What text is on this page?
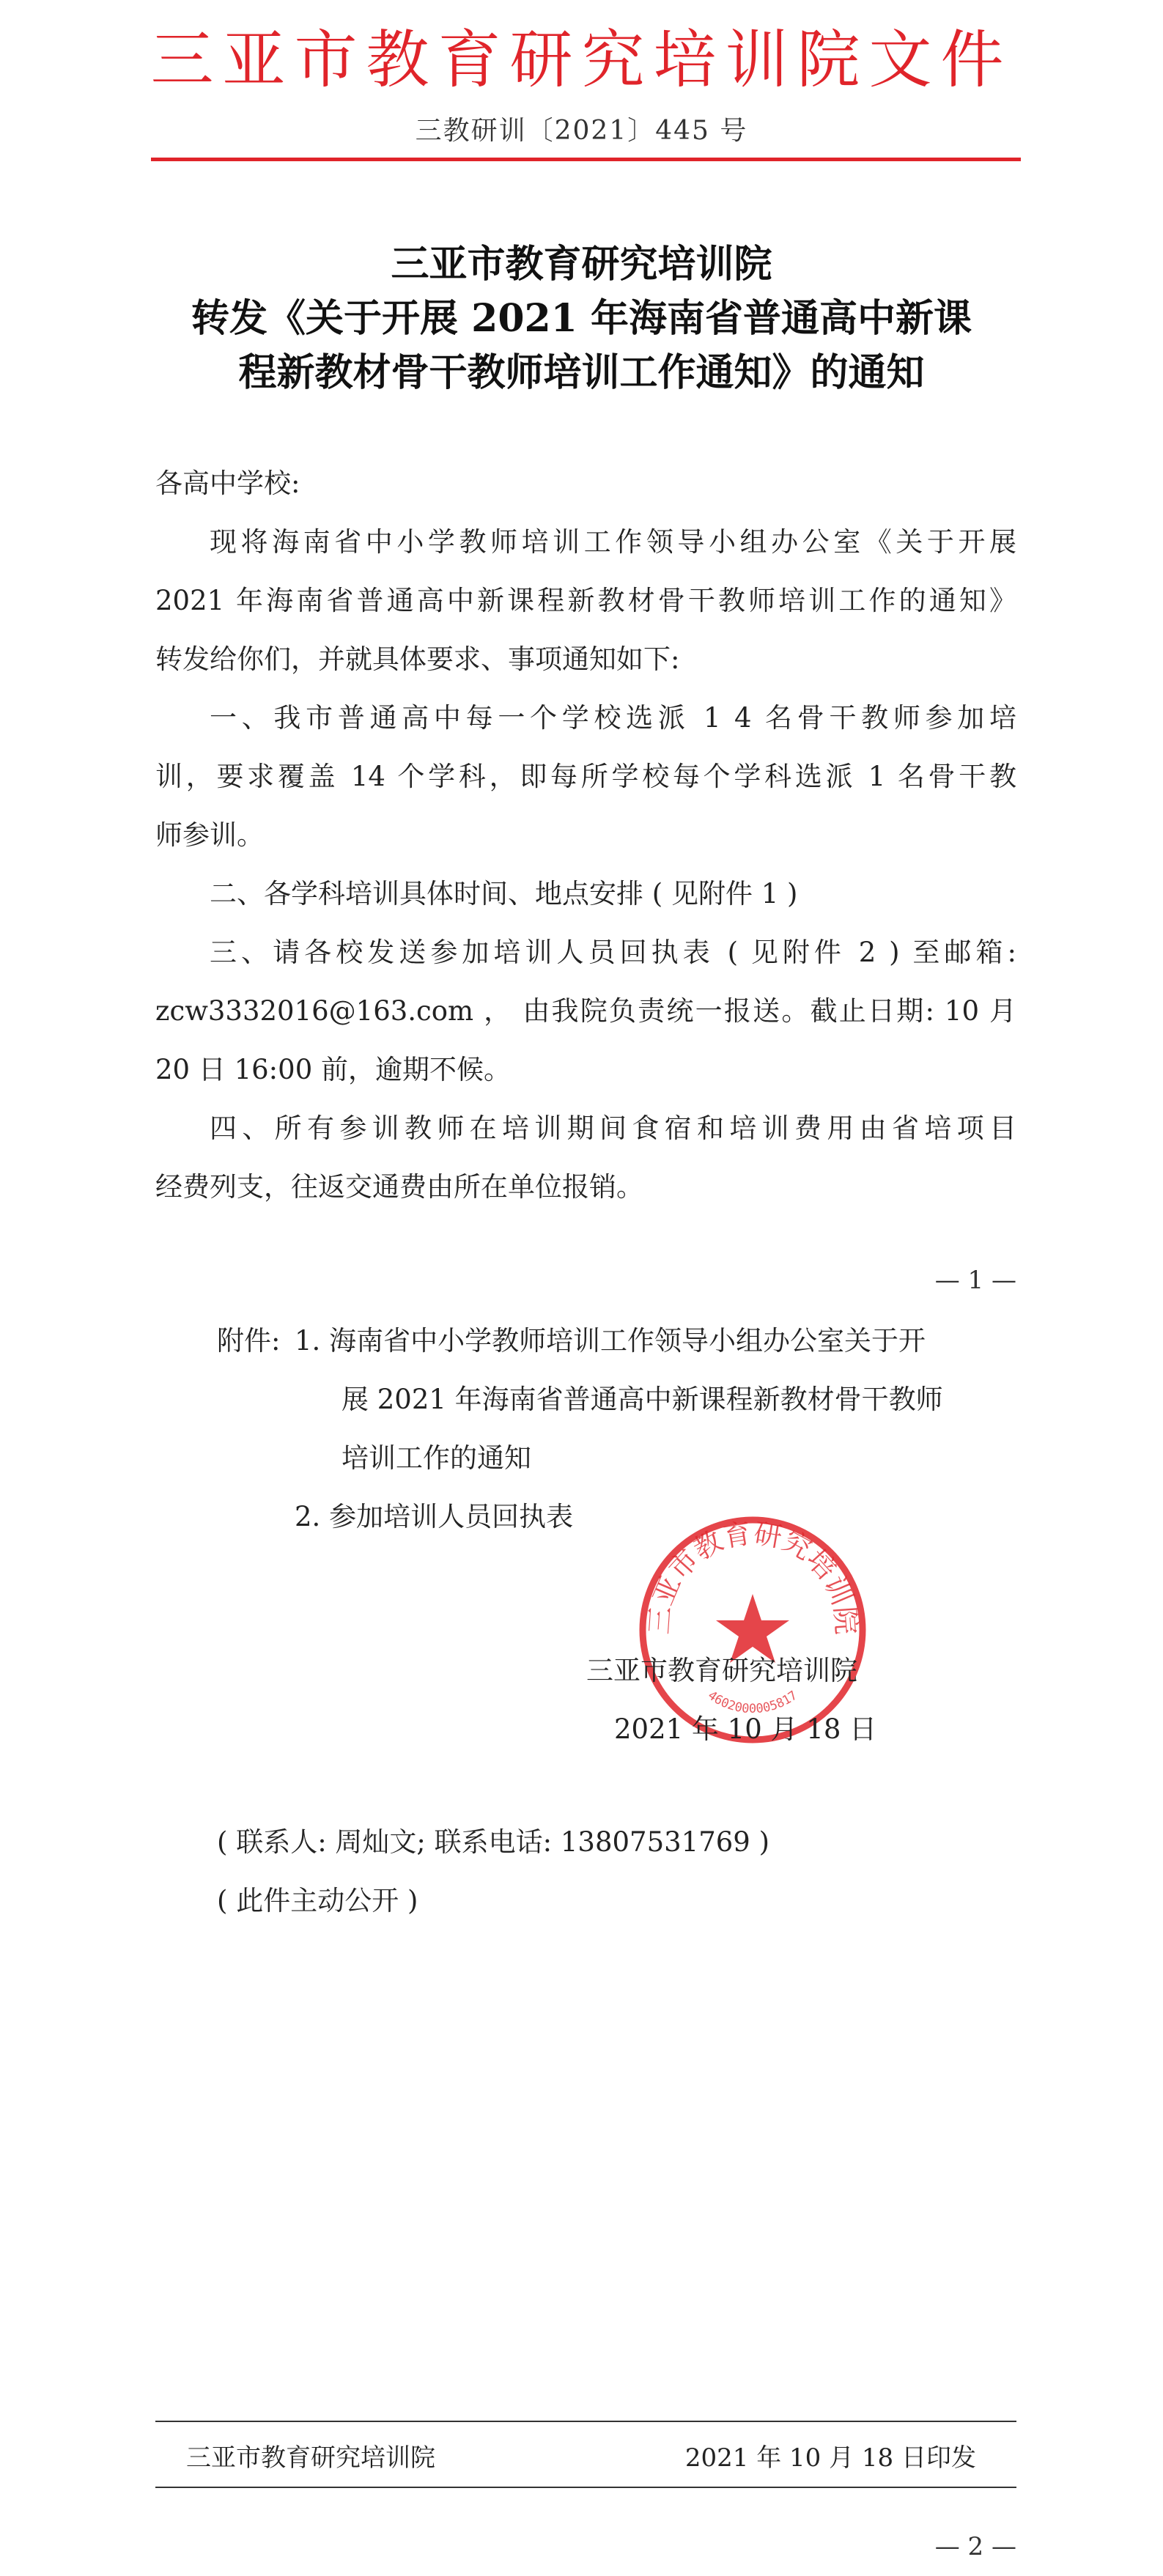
三亚市教育研究培训院文件
三教研训〔2021〕445 号
三亚市教育研究培训院
转发《关于开展 2021 年海南省普通高中新课
程新教材骨干教师培训工作通知》的通知
各高中学校:
现将海南省中小学教师培训工作领导小组办公室《关于开展
2021 年海南省普通高中新课程新教材骨干教师培训工作的通知》
转发给你们，并就具体要求、事项通知如下:
一、我市普通高中每一个学校选派 1 4 名骨干教师参加培
训，要求覆盖 14 个学科，即每所学校每个学科选派 1 名骨干教
师参训。
二、各学科培训具体时间、地点安排 ( 见附件 1 )
三、请各校发送参加培训人员回执表 ( 见附件 2 ) 至邮箱:
zcw3332016@163.com ， 由我院负责统一报送。截止日期: 10 月
20 日 16:00 前，逾期不候。
四、所有参训教师在培训期间食宿和培训费用由省培项目
经费列支，往返交通费由所在单位报销。
— 1 —
附件: 1. 海南省中小学教师培训工作领导小组办公室关于开
展 2021 年海南省普通高中新课程新教材骨干教师
培训工作的通知
2. 参加培训人员回执表
三亚市教育研究培训院
4602000005817
三亚市教育研究培训院
2021 年 10 月 18 日
( 联系人: 周灿文; 联系电话: 13807531769 )
( 此件主动公开 )
三亚市教育研究培训院	2021 年 10 月 18 日印发
— 2 —
